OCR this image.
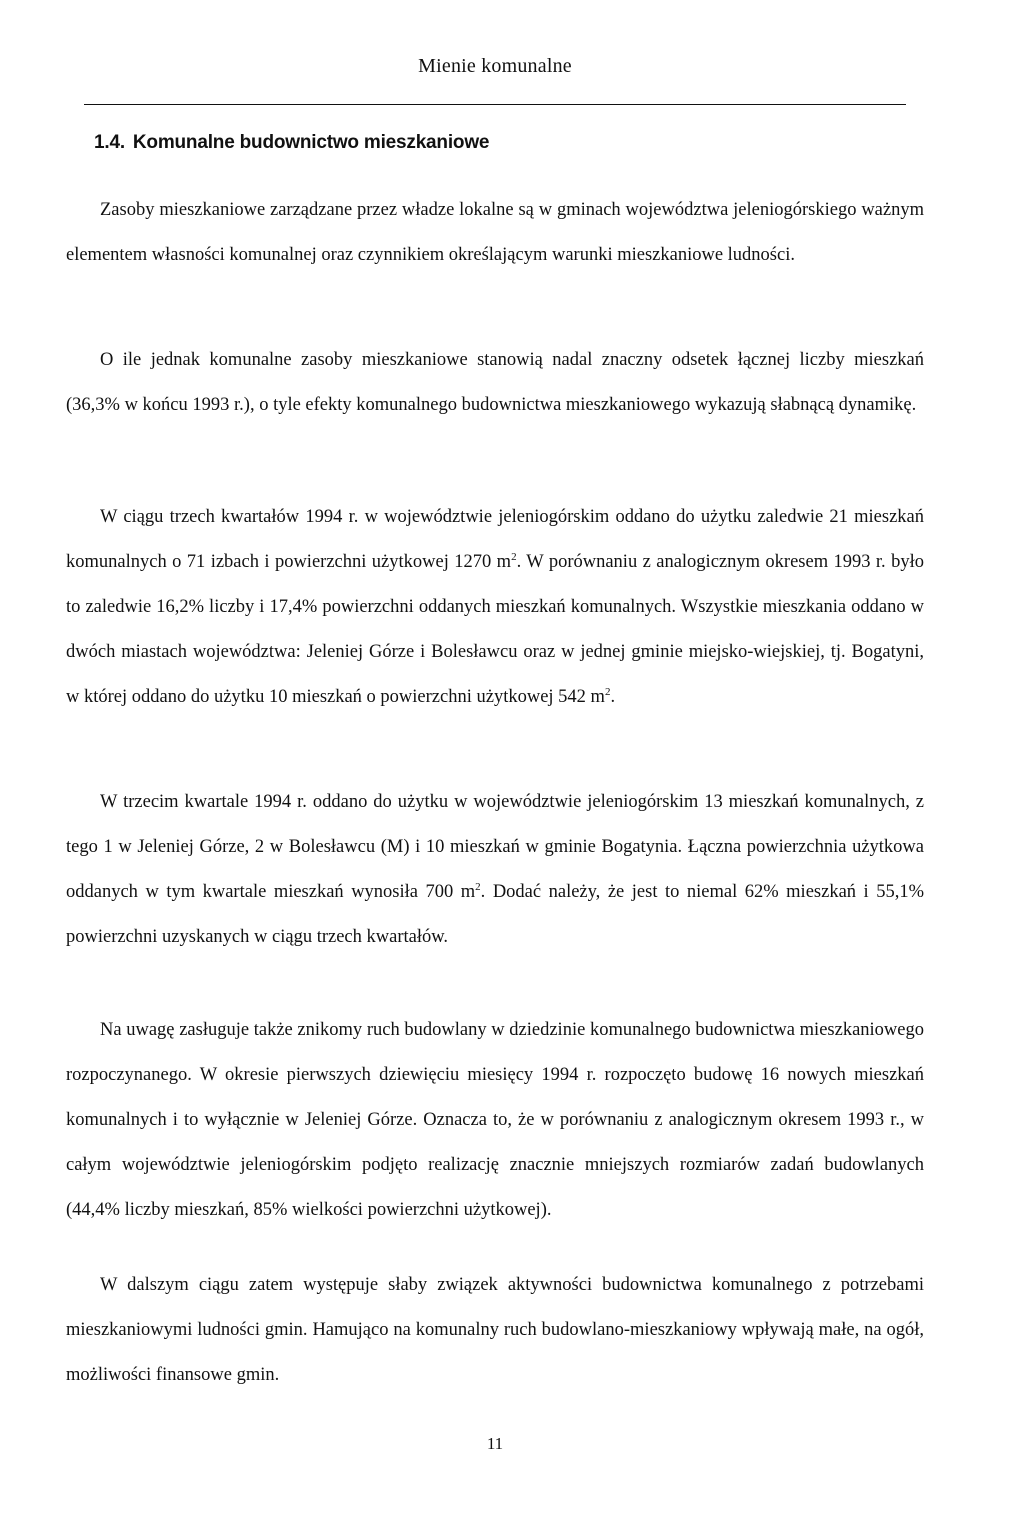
Mienie komunalne
1.4. Komunalne budownictwo mieszkaniowe

Zasoby mieszkaniowe zarządzane przez władze lokalne są w gminach województwa jeleniogórskiego ważnym elementem własności komunalnej oraz czynnikiem określającym warunki mieszkaniowe ludności.

O ile jednak komunalne zasoby mieszkaniowe stanowią nadal znaczny odsetek łącznej liczby mieszkań (36,3% w końcu 1993 r.), o tyle efekty komunalnego budownictwa mieszkaniowego wykazują słabnącą dynamikę.

W ciągu trzech kwartałów 1994 r. w województwie jeleniogórskim oddano do użytku zaledwie 21 mieszkań komunalnych o 71 izbach i powierzchni użytkowej 1270 $m^2$. W porównaniu z analogicznym okresem 1993 r. było to zaledwie 16,2% liczby i 17,4% powierzchni oddanych mieszkań komunalnych. Wszystkie mieszkania oddano w dwóch miastach województwa: Jeleniej Górze i Bolesławcu oraz w jednej gminie miejsko-wiejskiej, tj. Bogatyni, w której oddano do użytku 10 mieszkań o powierzchni użytkowej 542 $m^2$.

W trzecim kwartale 1994 r. oddano do użytku w województwie jeleniogórskim 13 mieszkań komunalnych, z tego 1 w Jeleniej Górze, 2 w Bolesławcu (M) i 10 mieszkań w gminie Bogatynia. Łączna powierzchnia użytkowa oddanych w tym kwartale mieszkań wynosiła 700 $m^2$. Dodać należy, że jest to niemal 62% mieszkań i 55,1% powierzchni uzyskanych w ciągu trzech kwartałów.

Na uwagę zasługuje także znikomy ruch budowlany w dziedzinie komunalnego budownictwa mieszkaniowego rozpoczynanego. W okresie pierwszych dziewięciu miesięcy 1994 r. rozpoczęto budowę 16 nowych mieszkań komunalnych i to wyłącznie w Jeleniej Górze. Oznacza to, że w porównaniu z analogicznym okresem 1993 r., w całym województwie jeleniogórskim podjęto realizację znacznie mniejszych rozmiarów zadań budowlanych (44,4% liczby mieszkań, 85% wielkości powierzchni użytkowej).

W dalszym ciągu zatem występuje słaby związek aktywności budownictwa komunalnego z potrzebami mieszkaniowymi ludności gmin. Hamująco na komunalny ruch budowlano-mieszkaniowy wpływają małe, na ogół, możliwości finansowe gmin.

11
